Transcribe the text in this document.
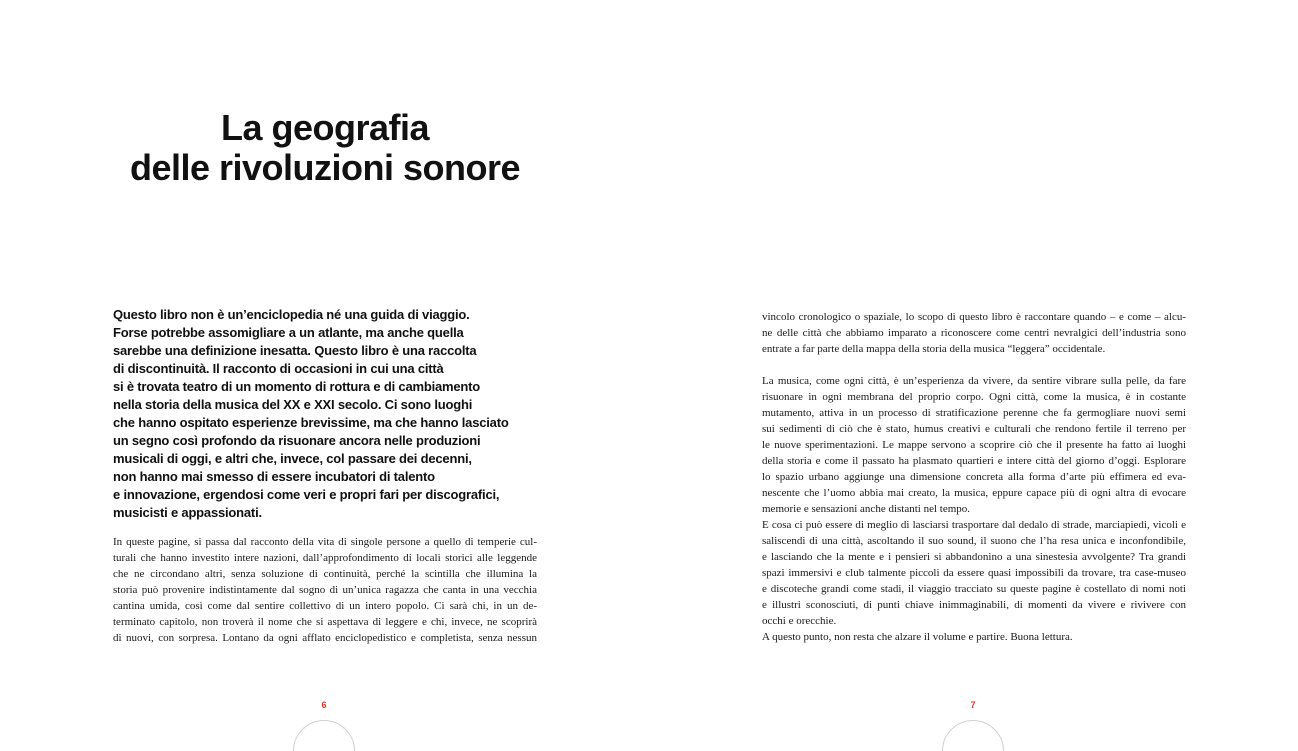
La geografia
delle rivoluzioni sonore
Questo libro non è un’enciclopedia né una guida di viaggio.
Forse potrebbe assomigliare a un atlante, ma anche quella
sarebbe una definizione inesatta. Questo libro è una raccolta
di discontinuità. Il racconto di occasioni in cui una città
si è trovata teatro di un momento di rottura e di cambiamento
nella storia della musica del XX e XXI secolo. Ci sono luoghi
che hanno ospitato esperienze brevissime, ma che hanno lasciato
un segno così profondo da risuonare ancora nelle produzioni
musicali di oggi, e altri che, invece, col passare dei decenni,
non hanno mai smesso di essere incubatori di talento
e innovazione, ergendosi come veri e propri fari per discografici,
musicisti e appassionati.
In queste pagine, si passa dal racconto della vita di singole persone a quello di temperie cul-
turali che hanno investito intere nazioni, dall’approfondimento di locali storici alle leggende
che ne circondano altri, senza soluzione di continuità, perché la scintilla che illumina la
storia può provenire indistintamente dal sogno di un’unica ragazza che canta in una vecchia
cantina umida, così come dal sentire collettivo di un intero popolo. Ci sarà chi, in un de-
terminato capitolo, non troverà il nome che si aspettava di leggere e chi, invece, ne scoprirà
di nuovi, con sorpresa. Lontano da ogni afflato enciclopedistico e completista, senza nessun
6
vincolo cronologico o spaziale, lo scopo di questo libro è raccontare quando – e come – alcu-
ne delle città che abbiamo imparato a riconoscere come centri nevralgici dell’industria sono
entrate a far parte della mappa della storia della musica “leggera” occidentale.
La musica, come ogni città, è un’esperienza da vivere, da sentire vibrare sulla pelle, da fare
risuonare in ogni membrana del proprio corpo. Ogni città, come la musica, è in costante
mutamento, attiva in un processo di stratificazione perenne che fa germogliare nuovi semi
sui sedimenti di ciò che è stato, humus creativi e culturali che rendono fertile il terreno per
le nuove sperimentazioni. Le mappe servono a scoprire ciò che il presente ha fatto ai luoghi
della storia e come il passato ha plasmato quartieri e intere città del giorno d’oggi. Esplorare
lo spazio urbano aggiunge una dimensione concreta alla forma d’arte più effimera ed eva-
nescente che l’uomo abbia mai creato, la musica, eppure capace più di ogni altra di evocare
memorie e sensazioni anche distanti nel tempo.
E cosa ci può essere di meglio di lasciarsi trasportare dal dedalo di strade, marciapiedi, vicoli e
saliscendi di una città, ascoltando il suo sound, il suono che l’ha resa unica e inconfondibile,
e lasciando che la mente e i pensieri si abbandonino a una sinestesia avvolgente? Tra grandi
spazi immersivi e club talmente piccoli da essere quasi impossibili da trovare, tra case-museo
e discoteche grandi come stadi, il viaggio tracciato su queste pagine è costellato di nomi noti
e illustri sconosciuti, di punti chiave inimmaginabili, di momenti da vivere e rivivere con
occhi e orecchie.
A questo punto, non resta che alzare il volume e partire. Buona lettura.
7
